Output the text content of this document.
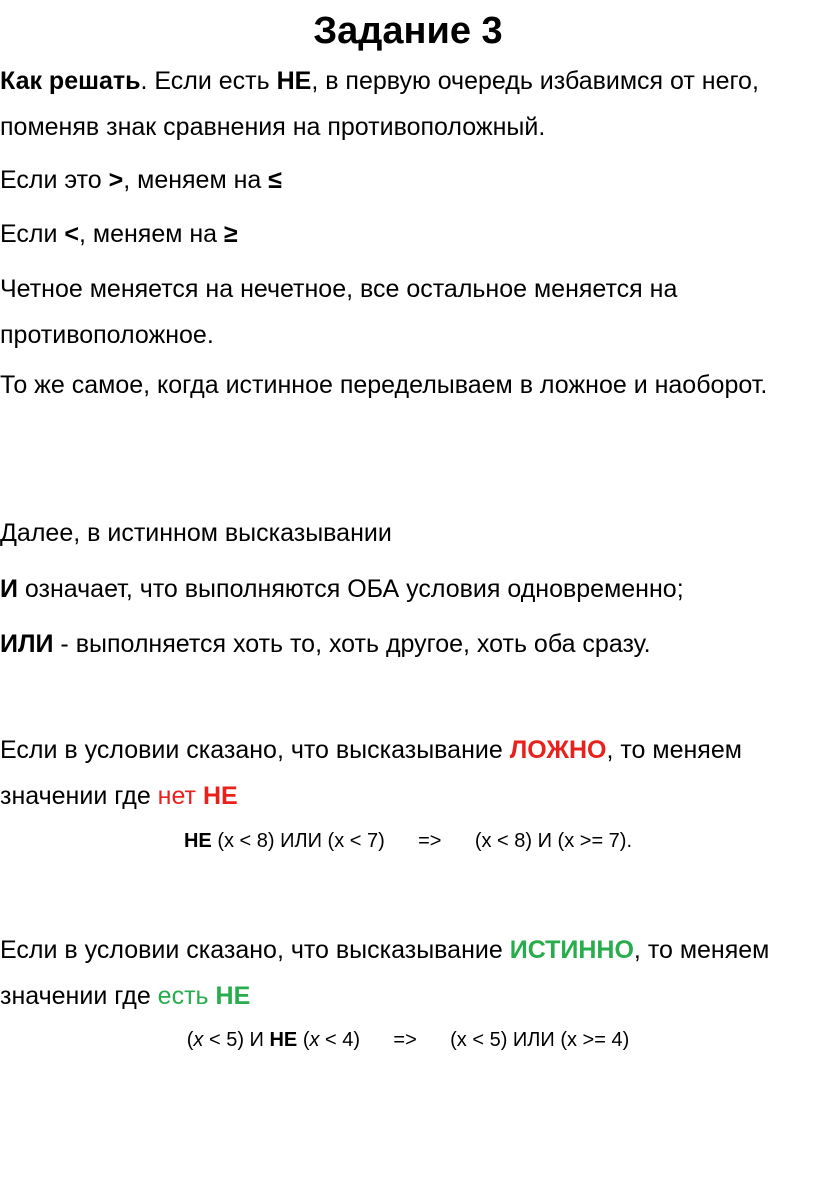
Задание 3
Как решать. Если есть НЕ, в первую очередь избавимся от него, поменяв знак сравнения на противоположный.
Если это >, меняем на ≤
Если <, меняем на ≥
Четное меняется на нечетное, все остальное меняется на противоположное.
То же самое, когда истинное переделываем в ложное и наоборот.
Далее, в истинном высказывании
И означает, что выполняются ОБА условия одновременно;
ИЛИ - выполняется хоть то, хоть другое, хоть оба сразу.
Если в условии сказано, что высказывание ЛОЖНО, то меняем значении где нет НЕ
НЕ (x < 8) ИЛИ (x < 7)      =>      (x < 8) И (x >= 7).
Если в условии сказано, что высказывание ИСТИННО, то меняем значении где есть НЕ
(x < 5) И НЕ (x < 4)      =>      (x < 5) ИЛИ (x >= 4)
